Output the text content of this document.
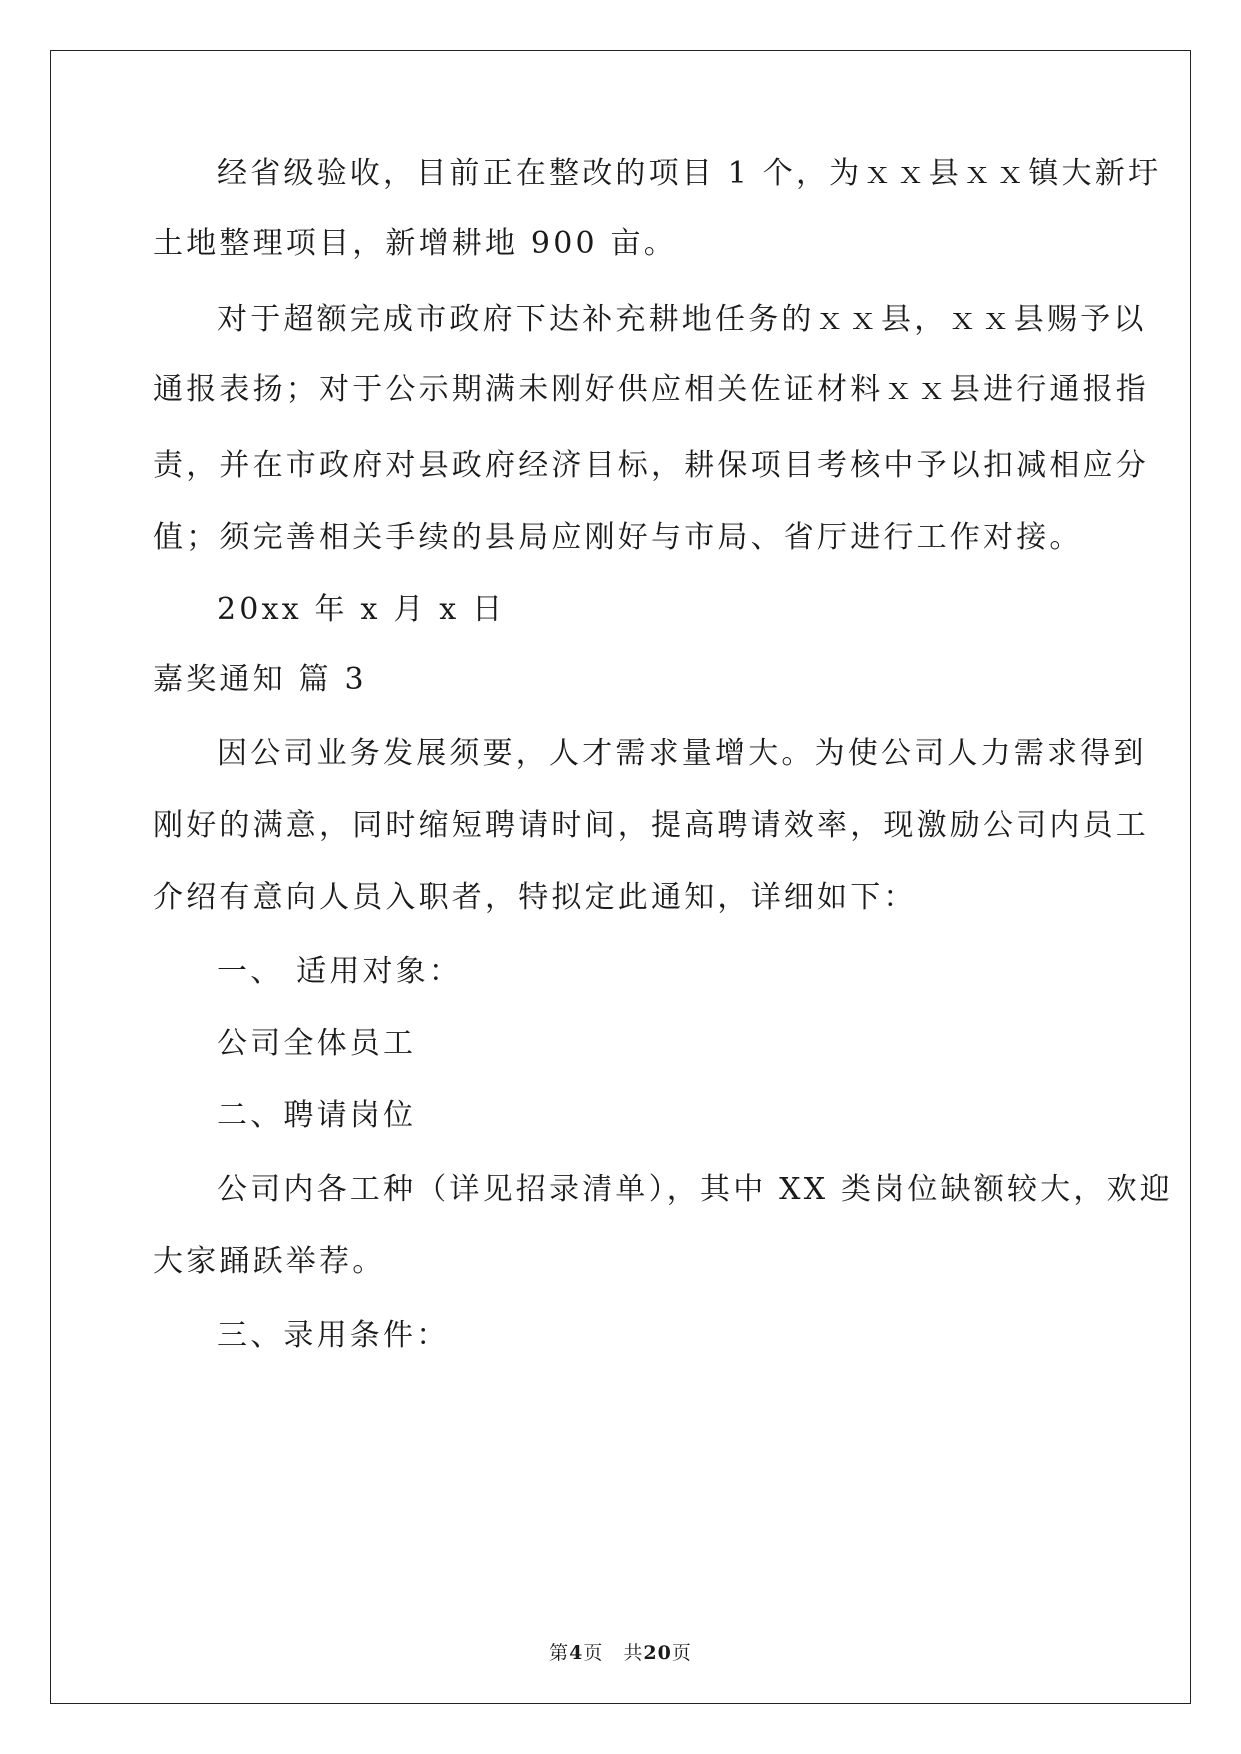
经省级验收，目前正在整改的项目 1 个，为ｘｘ县ｘｘ镇大新圩
土地整理项目，新增耕地 900 亩。
对于超额完成市政府下达补充耕地任务的ｘｘ县，ｘｘ县赐予以
通报表扬；对于公示期满未刚好供应相关佐证材料ｘｘ县进行通报指
责，并在市政府对县政府经济目标，耕保项目考核中予以扣减相应分
值；须完善相关手续的县局应刚好与市局、省厅进行工作对接。
20xx 年 x 月 x 日
嘉奖通知 篇 3
因公司业务发展须要，人才需求量增大。为使公司人力需求得到
刚好的满意，同时缩短聘请时间，提高聘请效率，现激励公司内员工
介绍有意向人员入职者，特拟定此通知，详细如下：
一、 适用对象：
公司全体员工
二、聘请岗位
公司内各工种（详见招录清单），其中 XX 类岗位缺额较大，欢迎
大家踊跃举荐。
三、录用条件：
第4页　共20页
